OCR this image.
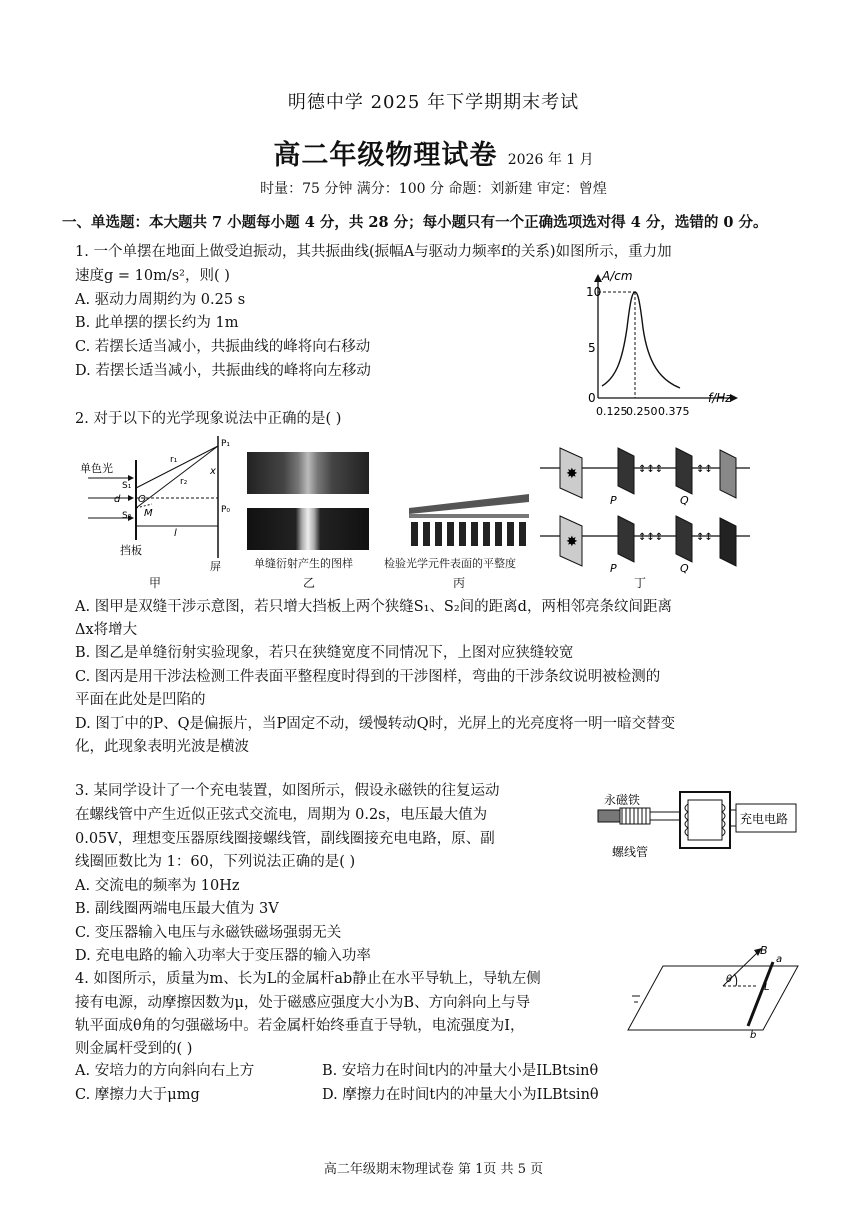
明德中学 2025 年下学期期末考试
高二年级物理试卷 2026 年 1 月
时量：75 分钟 满分：100 分 命题：刘新建 审定：曾煌
一、单选题：本大题共 7 小题每小题 4 分，共 28 分；每小题只有一个正确选项选对得 4 分，选错的 0 分。
1. 一个单摆在地面上做受迫振动，其共振曲线(振幅A与驱动力频率f的关系)如图所示，重力加
速度g = 10m/s²，则( )
A. 驱动力周期约为 0.25 s
B. 此单摆的摆长约为 1m
C. 若摆长适当减小，共振曲线的峰将向右移动
D. 若摆长适当减小，共振曲线的峰将向左移动
10
5
0
A/cm
f/Hz
0.125
0.250 0.375
2. 对于以下的光学现象说法中正确的是( )
单色光
S₁
S₂
d O
M
l
x
P₁
P₀
r₁
r₂
挡板
屏	单缝衍射产生的图样	检验光学元件表面的平整度
✸
✸
↕↕↕
↕↕↕
↕↕
↕↕
P	Q
P	Q
甲	乙	丙	丁
A. 图甲是双缝干涉示意图，若只增大挡板上两个狭缝S₁、S₂间的距离d，两相邻亮条纹间距离
Δx将增大
B. 图乙是单缝衍射实验现象，若只在狭缝宽度不同情况下，上图对应狭缝较宽
C. 图丙是用干涉法检测工件表面平整程度时得到的干涉图样，弯曲的干涉条纹说明被检测的
平面在此处是凹陷的
D. 图丁中的P、Q是偏振片，当P固定不动，缓慢转动Q时，光屏上的光亮度将一明一暗交替变
化，此现象表明光波是横波
3. 某同学设计了一个充电装置，如图所示，假设永磁铁的往复运动
在螺线管中产生近似正弦式交流电，周期为 0.2s，电压最大值为
0.05V，理想变压器原线圈接螺线管，副线圈接充电电路，原、副
线圈匝数比为 1：60，下列说法正确的是( )
A. 交流电的频率为 10Hz
B. 副线圈两端电压最大值为 3V
C. 变压器输入电压与永磁铁磁场强弱无关
D. 充电电路的输入功率大于变压器的输入功率
充电电路
永磁铁
螺线管
4. 如图所示，质量为m、长为L的金属杆ab静止在水平导轨上，导轨左侧
接有电源，动摩擦因数为μ，处于磁感应强度大小为B、方向斜向上与导
轨平面成θ角的匀强磁场中。若金属杆始终垂直于导轨，电流强度为I，
则金属杆受到的( )
A. 安培力的方向斜向右上方	B. 安培力在时间t内的冲量大小是ILBtsinθ
C. 摩擦力大于μmg	D. 摩擦力在时间t内的冲量大小为ILBtsinθ
B
a
b
L
θ
高二年级期末物理试卷 第 1页 共 5 页
